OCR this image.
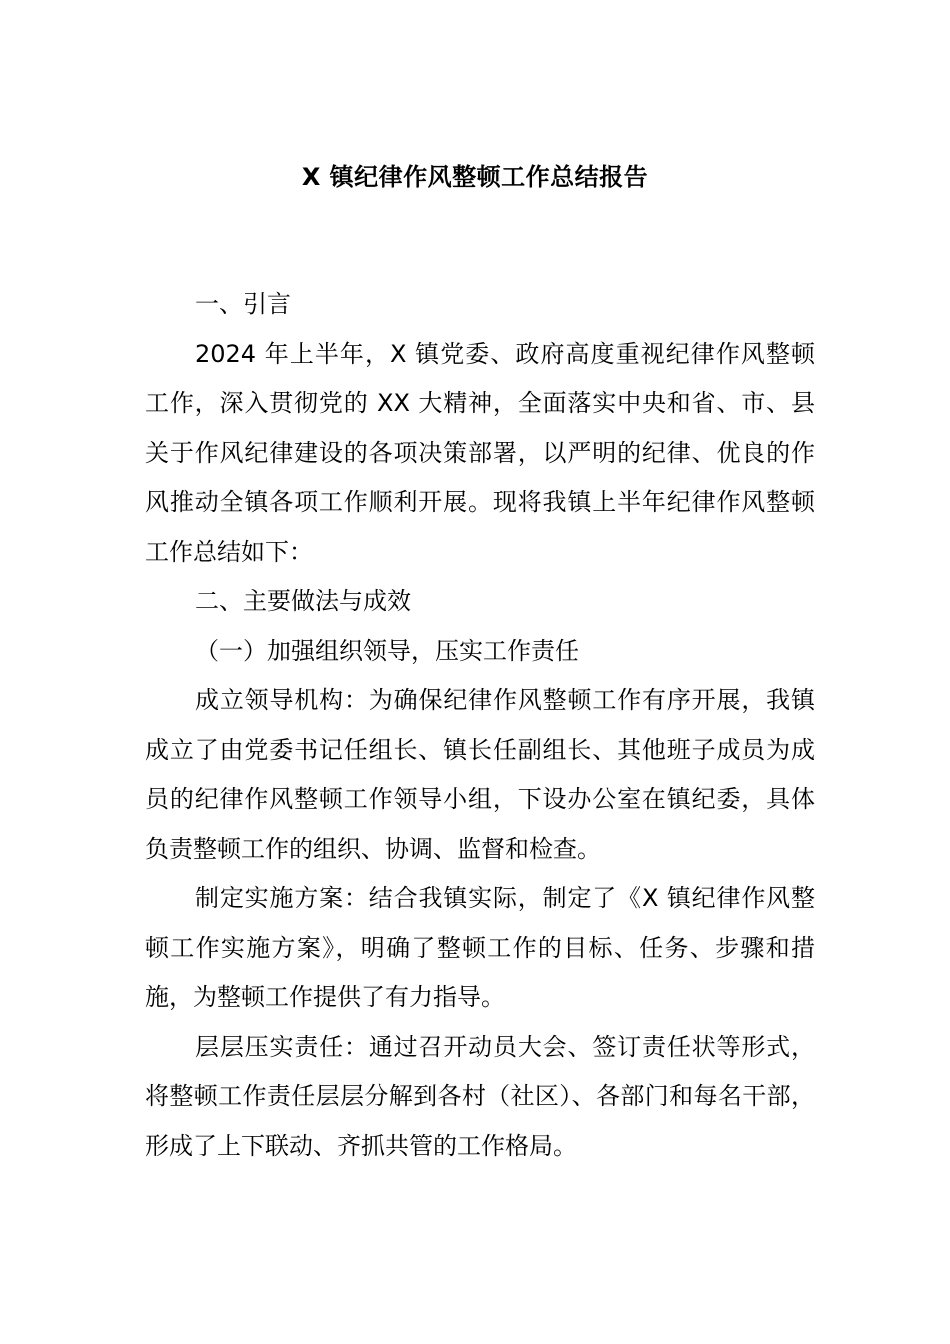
X 镇纪律作风整顿工作总结报告

一、引言

2024 年上半年，X 镇党委、政府高度重视纪律作风整顿工作，深入贯彻党的 XX 大精神，全面落实中央和省、市、县关于作风纪律建设的各项决策部署，以严明的纪律、优良的作风推动全镇各项工作顺利开展。现将我镇上半年纪律作风整顿工作总结如下：

二、主要做法与成效

（一）加强组织领导，压实工作责任

成立领导机构：为确保纪律作风整顿工作有序开展，我镇成立了由党委书记任组长、镇长任副组长、其他班子成员为成员的纪律作风整顿工作领导小组，下设办公室在镇纪委，具体负责整顿工作的组织、协调、监督和检查。

制定实施方案：结合我镇实际，制定了《X 镇纪律作风整顿工作实施方案》，明确了整顿工作的目标、任务、步骤和措施，为整顿工作提供了有力指导。

层层压实责任：通过召开动员大会、签订责任状等形式，将整顿工作责任层层分解到各村（社区）、各部门和每名干部，形成了上下联动、齐抓共管的工作格局。
